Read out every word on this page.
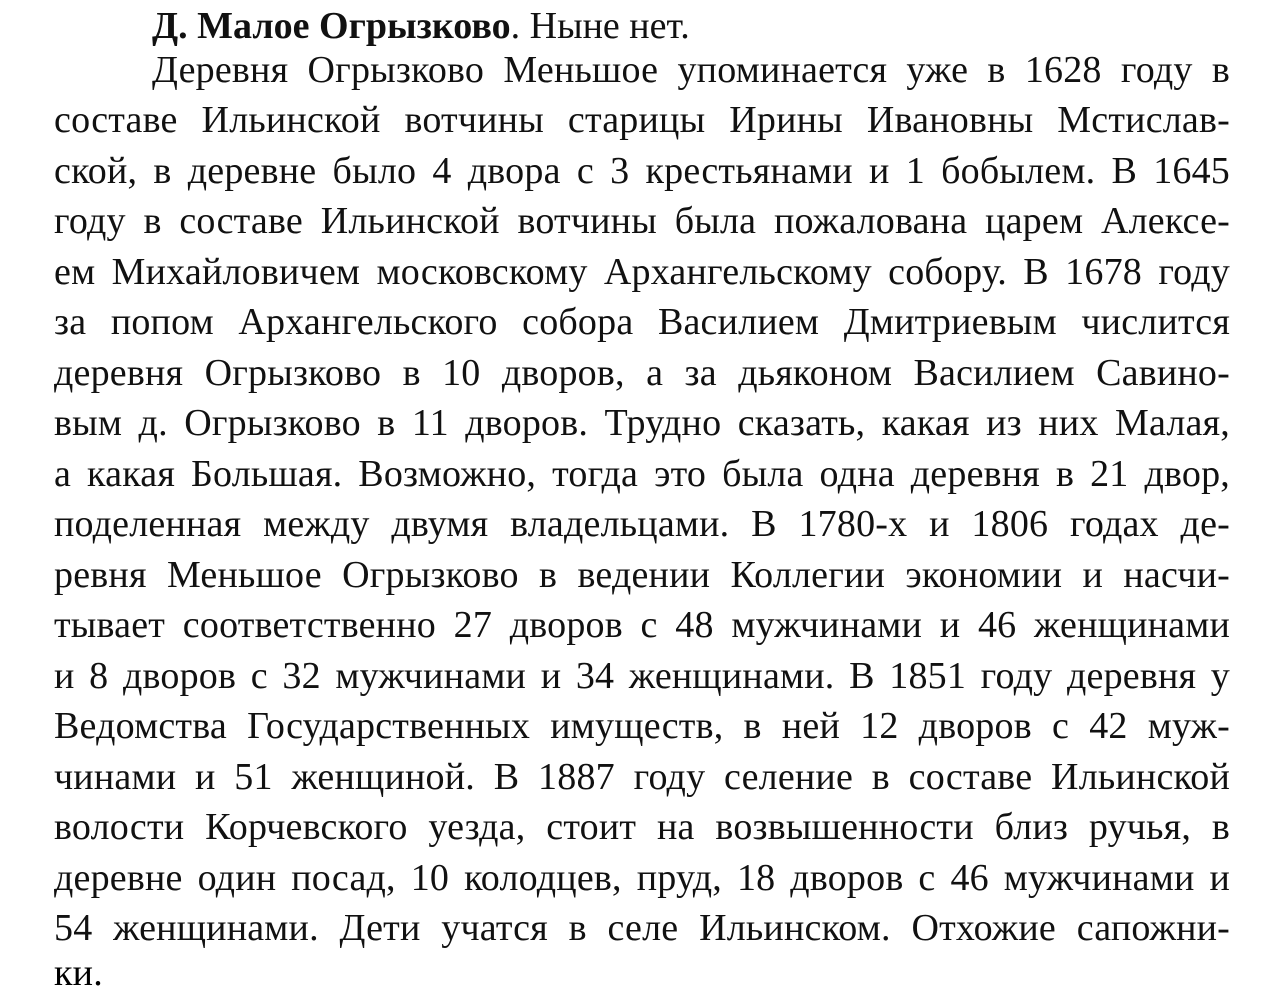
Д. Малое Огрызково. Ныне нет.
Деревня Огрызково Меньшое упоминается уже в 1628 году в
составе Ильинской вотчины старицы Ирины Ивановны Мстислав-
ской, в деревне было 4 двора с 3 крестьянами и 1 бобылем. В 1645
году в составе Ильинской вотчины была пожалована царем Алексе-
ем Михайловичем московскому Архангельскому собору. В 1678 году
за попом Архангельского собора Василием Дмитриевым числится
деревня Огрызково в 10 дворов, а за дьяконом Василием Савино-
вым д. Огрызково в 11 дворов. Трудно сказать, какая из них Малая,
а какая Большая. Возможно, тогда это была одна деревня в 21 двор,
поделенная между двумя владельцами. В 1780-х и 1806 годах де-
ревня Меньшое Огрызково в ведении Коллегии экономии и насчи-
тывает соответственно 27 дворов с 48 мужчинами и 46 женщинами
и 8 дворов с 32 мужчинами и 34 женщинами. В 1851 году деревня у
Ведомства Государственных имуществ, в ней 12 дворов с 42 муж-
чинами и 51 женщиной. В 1887 году селение в составе Ильинской
волости Корчевского уезда, стоит на возвышенности близ ручья, в
деревне один посад, 10 колодцев, пруд, 18 дворов с 46 мужчинами и
54 женщинами. Дети учатся в селе Ильинском. Отхожие сапожни-
ки.
